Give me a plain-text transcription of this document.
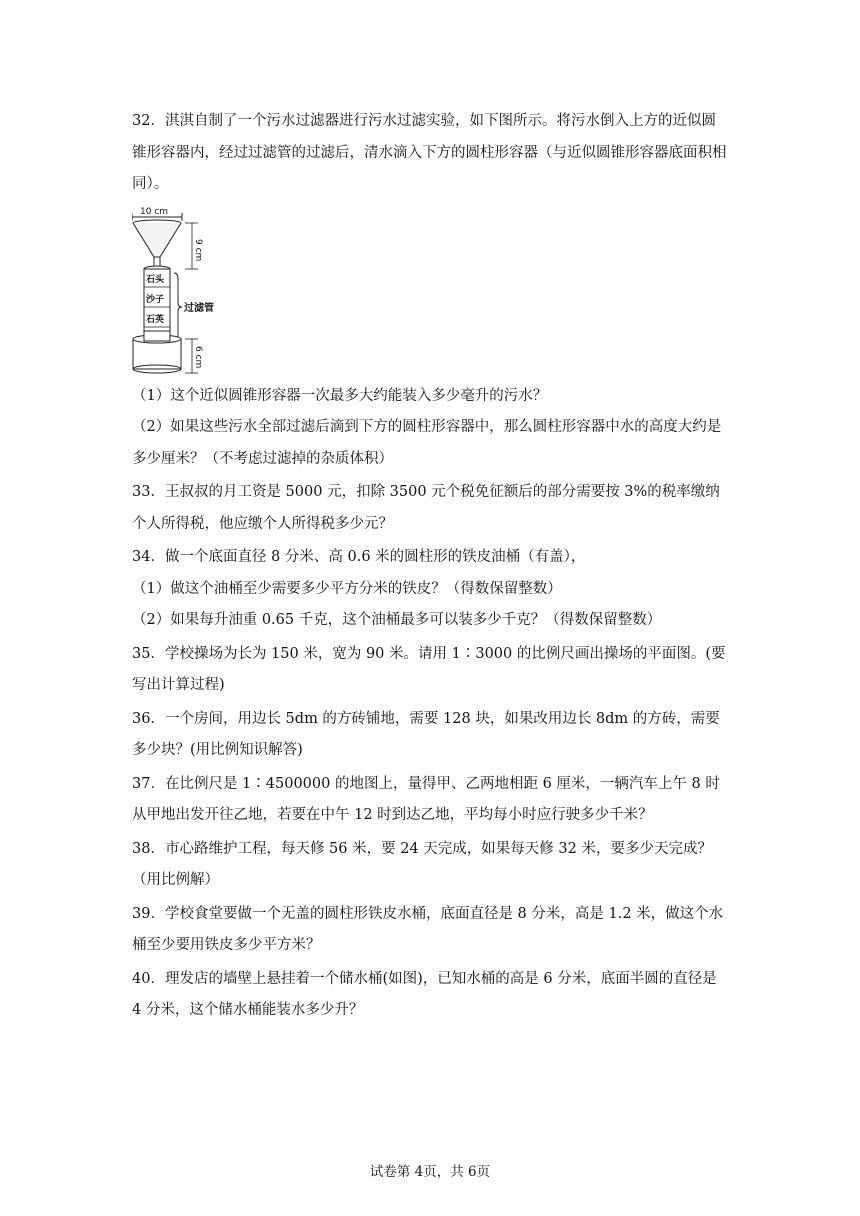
32．淇淇自制了一个污水过滤器进行污水过滤实验，如下图所示。将污水倒入上方的近似圆锥形容器内，经过过滤管的过滤后，清水滴入下方的圆柱形容器（与近似圆锥形容器底面积相同）。

10 cm
9 cm
石头
沙子
石英
过滤管
6 cm

（1）这个近似圆锥形容器一次最多大约能装入多少毫升的污水？

（2）如果这些污水全部过滤后滴到下方的圆柱形容器中，那么圆柱形容器中水的高度大约是多少厘米？（不考虑过滤掉的杂质体积）

33．王叔叔的月工资是 5000 元，扣除 3500 元个税免征额后的部分需要按 3%的税率缴纳个人所得税，他应缴个人所得税多少元？

34．做一个底面直径 8 分米、高 0.6 米的圆柱形的铁皮油桶（有盖），

（1）做这个油桶至少需要多少平方分米的铁皮？（得数保留整数）

（2）如果每升油重 0.65 千克，这个油桶最多可以装多少千克？（得数保留整数）

35．学校操场为长为 150 米，宽为 90 米。请用 1∶3000 的比例尺画出操场的平面图。(要写出计算过程)

36．一个房间，用边长 5dm 的方砖铺地，需要 128 块，如果改用边长 8dm 的方砖，需要多少块？(用比例知识解答)

37．在比例尺是 1∶4500000 的地图上，量得甲、乙两地相距 6 厘米，一辆汽车上午 8 时从甲地出发开往乙地，若要在中午 12 时到达乙地，平均每小时应行驶多少千米？

38．市心路维护工程，每天修 56 米，要 24 天完成，如果每天修 32 米，要多少天完成？（用比例解）

39．学校食堂要做一个无盖的圆柱形铁皮水桶，底面直径是 8 分米，高是 1.2 米，做这个水桶至少要用铁皮多少平方米？

40．理发店的墙壁上悬挂着一个储水桶(如图)，已知水桶的高是 6 分米，底面半圆的直径是 4 分米，这个储水桶能装水多少升？

试卷第 4页，共 6页
